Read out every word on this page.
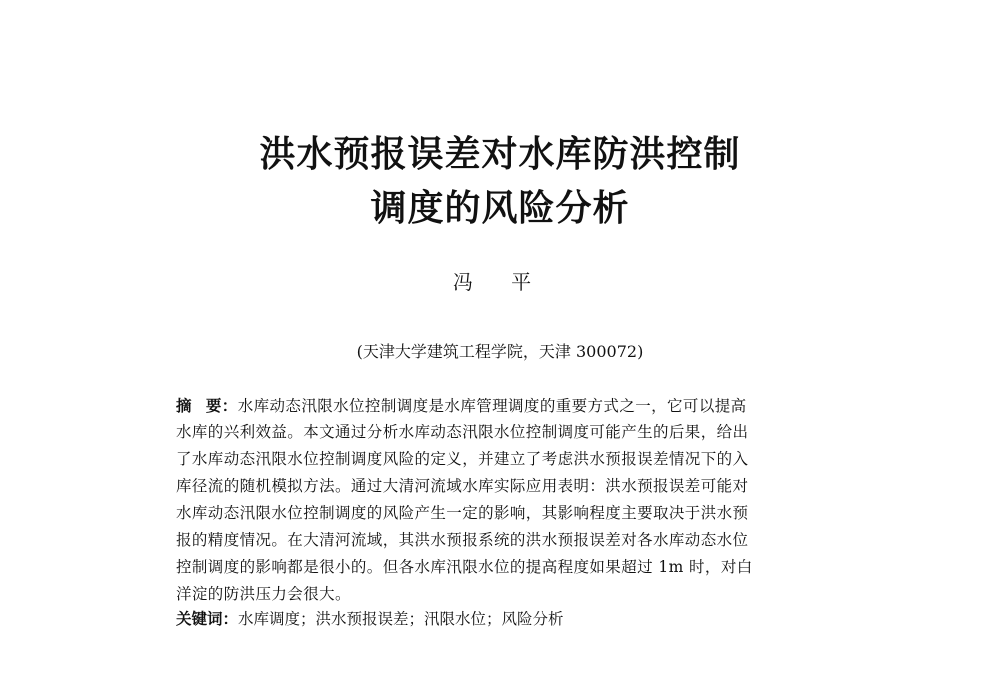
洪水预报误差对水库防洪控制
调度的风险分析
冯 平
(天津大学建筑工程学院，天津 300072)
摘 要：水库动态汛限水位控制调度是水库管理调度的重要方式之一，它可以提高
水库的兴利效益。本文通过分析水库动态汛限水位控制调度可能产生的后果，给出
了水库动态汛限水位控制调度风险的定义，并建立了考虑洪水预报误差情况下的入
库径流的随机模拟方法。通过大清河流域水库实际应用表明：洪水预报误差可能对
水库动态汛限水位控制调度的风险产生一定的影响，其影响程度主要取决于洪水预
报的精度情况。在大清河流域，其洪水预报系统的洪水预报误差对各水库动态水位
控制调度的影响都是很小的。但各水库汛限水位的提高程度如果超过 1m 时，对白
洋淀的防洪压力会很大。
关键词：水库调度；洪水预报误差；汛限水位；风险分析
